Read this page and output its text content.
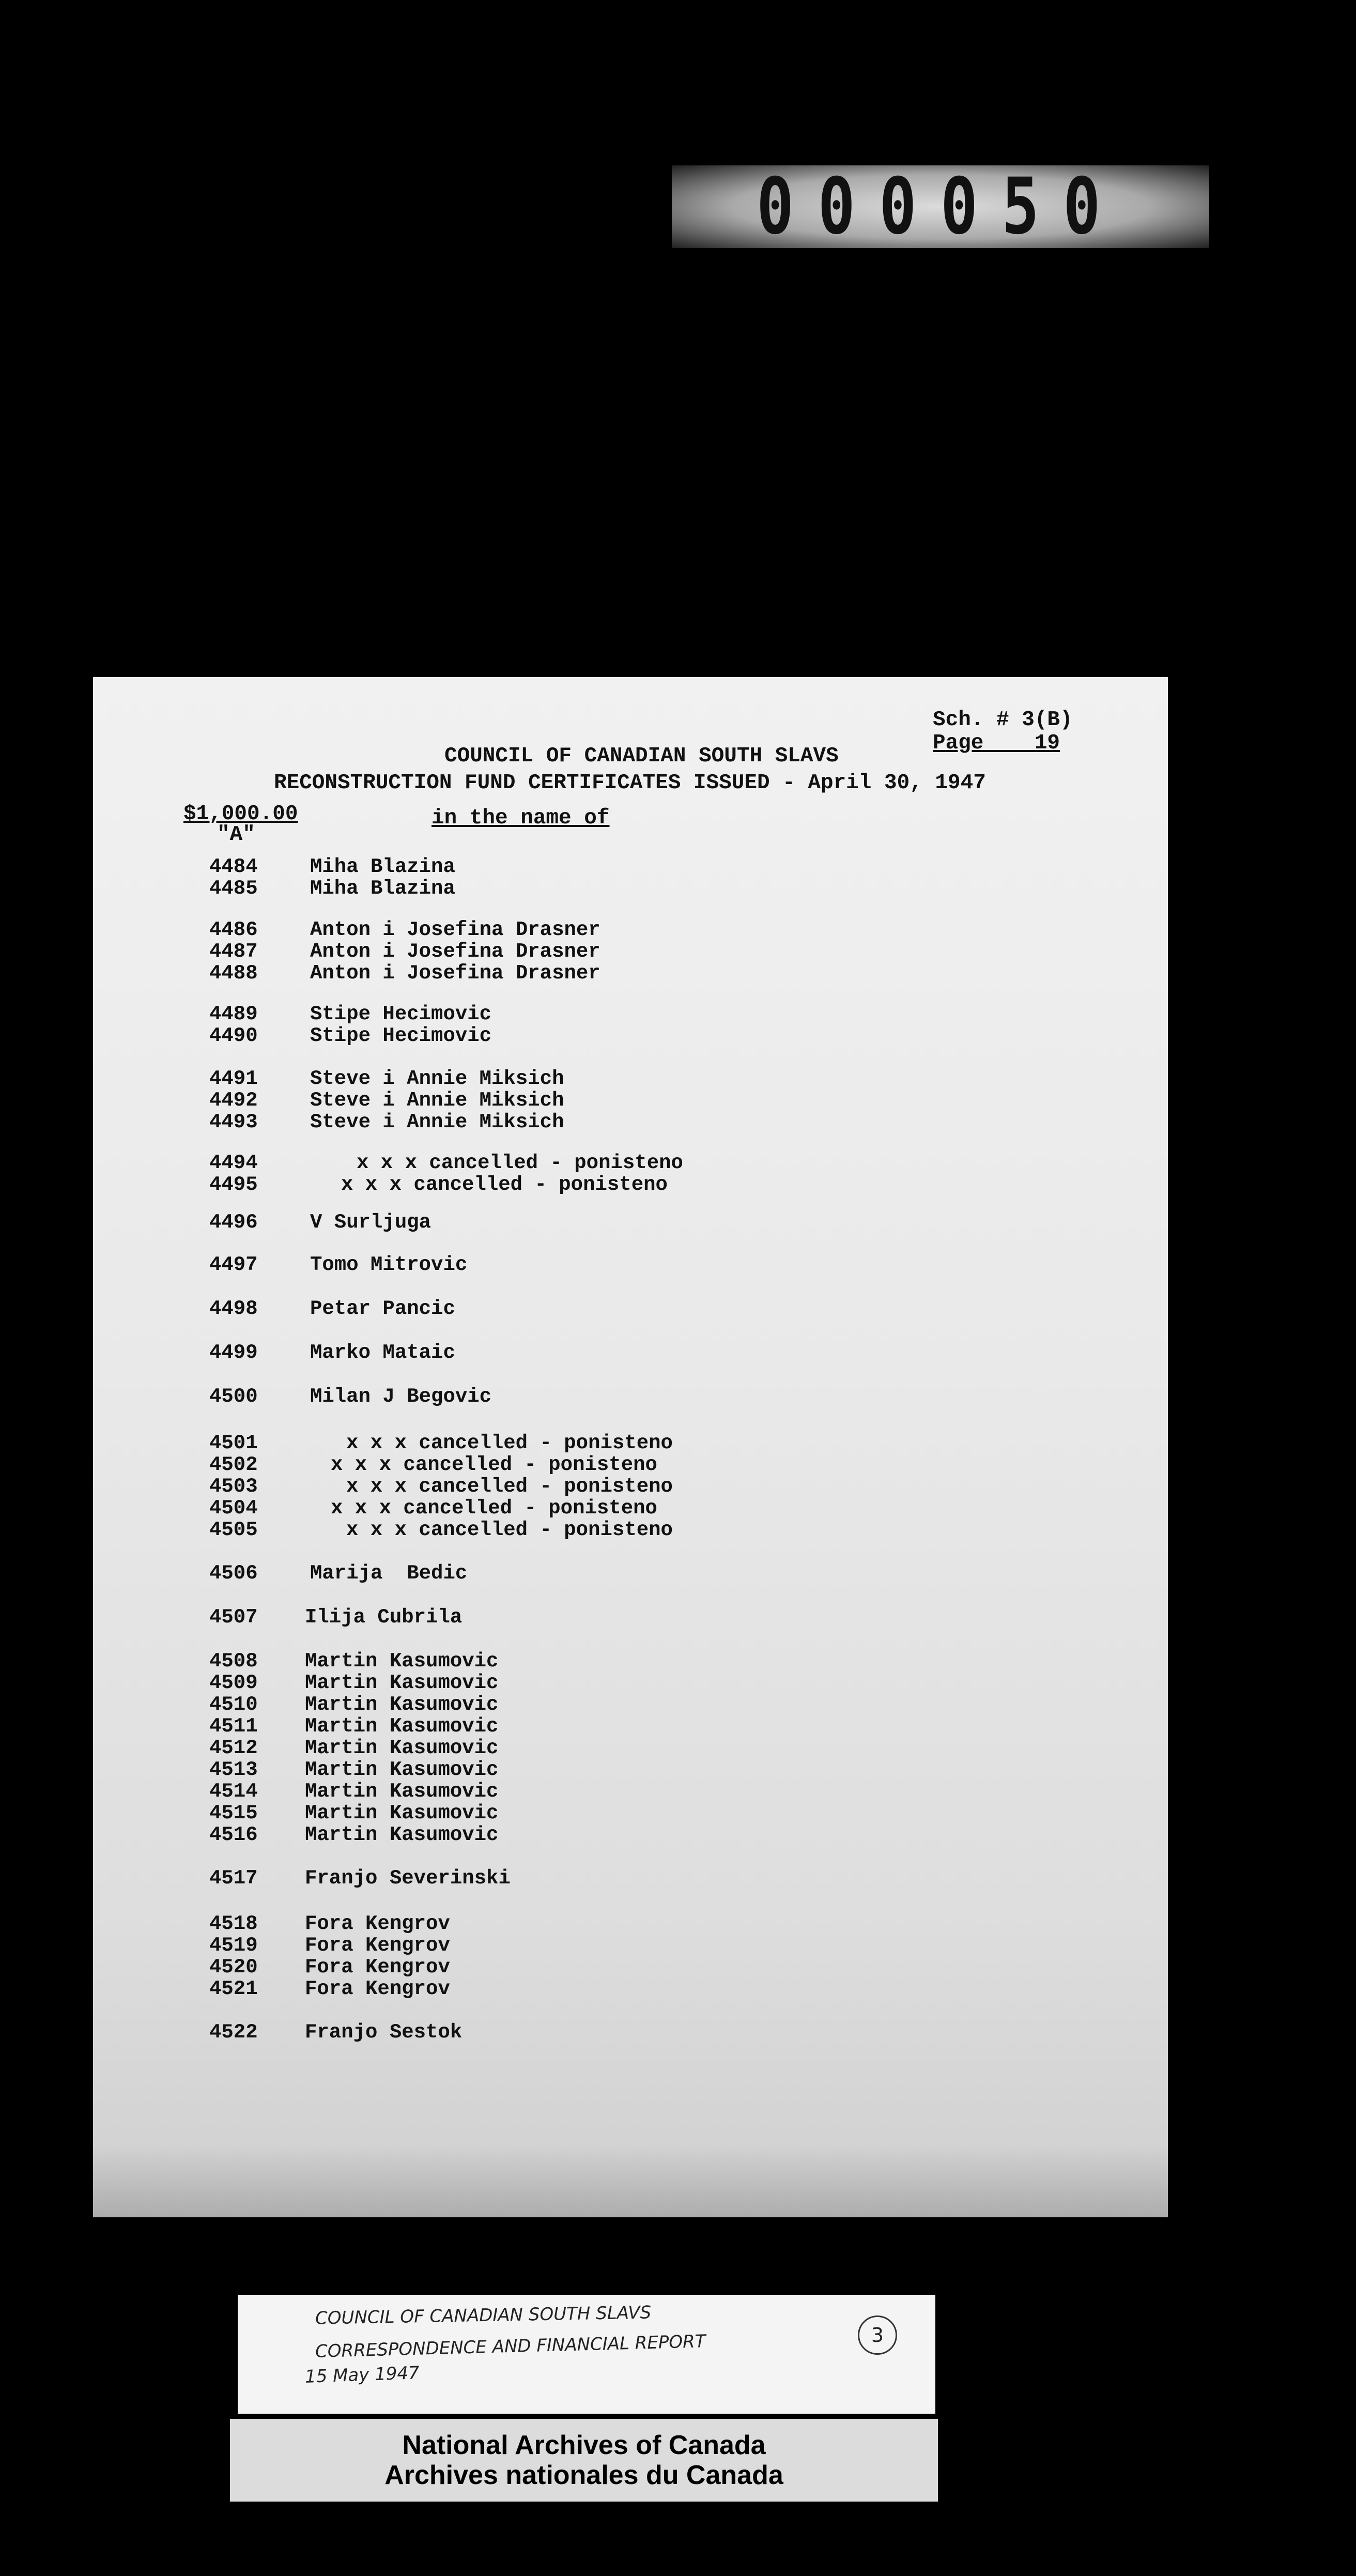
000050
Sch. # 3(B)
Page    19
COUNCIL OF CANADIAN SOUTH SLAVS
RECONSTRUCTION FUND CERTIFICATES ISSUED - April 30, 1947
$1,000.00	in the name of
"A"
4484	Miha Blazina
4485	Miha Blazina
4486	Anton i Josefina Drasner
4487	Anton i Josefina Drasner
4488	Anton i Josefina Drasner
4489	Stipe Hecimovic
4490	Stipe Hecimovic
4491	Steve i Annie Miksich
4492	Steve i Annie Miksich
4493	Steve i Annie Miksich
4494	x x x cancelled - ponisteno
4495	x x x cancelled - ponisteno
4496	V Surljuga
4497	Tomo Mitrovic
4498	Petar Pancic
4499	Marko Mataic
4500	Milan J Begovic
4501	x x x cancelled - ponisteno
4502	x x x cancelled - ponisteno
4503	x x x cancelled - ponisteno
4504	x x x cancelled - ponisteno
4505	x x x cancelled - ponisteno
4506	Marija  Bedic
4507 Ilija Cubrila
4508 Martin Kasumovic
4509 Martin Kasumovic
4510 Martin Kasumovic
4511 Martin Kasumovic
4512 Martin Kasumovic
4513 Martin Kasumovic
4514 Martin Kasumovic
4515 Martin Kasumovic
4516 Martin Kasumovic
4517 Franjo Severinski
4518 Fora Kengrov
4519 Fora Kengrov
4520 Fora Kengrov
4521 Fora Kengrov
4522 Franjo Sestok
COUNCIL OF CANADIAN SOUTH SLAVS
CORRESPONDENCE AND FINANCIAL REPORT
15 May 1947
3
National Archives of Canada
Archives nationales du Canada
